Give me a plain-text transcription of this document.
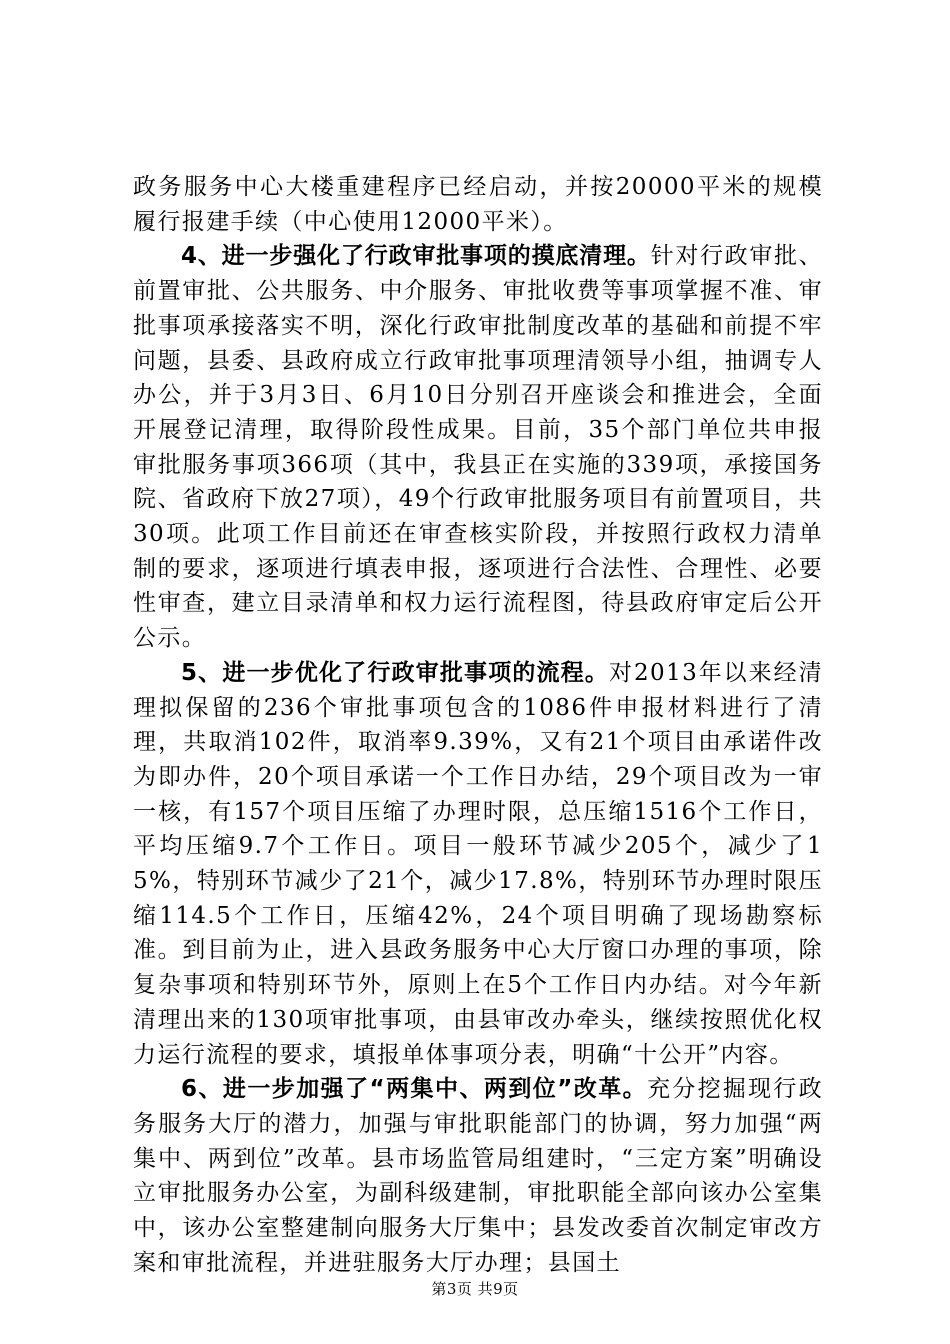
政务服务中心大楼重建程序已经启动，并按20000平米的规模履行报建手续（中心使用12000平米）。

4、进一步强化了行政审批事项的摸底清理。针对行政审批、前置审批、公共服务、中介服务、审批收费等事项掌握不准、审批事项承接落实不明，深化行政审批制度改革的基础和前提不牢问题，县委、县政府成立行政审批事项理清领导小组，抽调专人办公，并于3月3日、6月10日分别召开座谈会和推进会，全面开展登记清理，取得阶段性成果。目前，35个部门单位共申报审批服务事项366项（其中，我县正在实施的339项，承接国务院、省政府下放27项），49个行政审批服务项目有前置项目，共30项。此项工作目前还在审查核实阶段，并按照行政权力清单制的要求，逐项进行填表申报，逐项进行合法性、合理性、必要性审查，建立目录清单和权力运行流程图，待县政府审定后公开公示。

5、进一步优化了行政审批事项的流程。对2013年以来经清理拟保留的236个审批事项包含的1086件申报材料进行了清理，共取消102件，取消率9.39%，又有21个项目由承诺件改为即办件，20个项目承诺一个工作日办结，29个项目改为一审一核，有157个项目压缩了办理时限，总压缩1516个工作日，平均压缩9.7个工作日。项目一般环节减少205个，减少了15%，特别环节减少了21个，减少17.8%，特别环节办理时限压缩114.5个工作日，压缩42%，24个项目明确了现场勘察标准。到目前为止，进入县政务服务中心大厅窗口办理的事项，除复杂事项和特别环节外，原则上在5个工作日内办结。对今年新清理出来的130项审批事项，由县审改办牵头，继续按照优化权力运行流程的要求，填报单体事项分表，明确“十公开”内容。

6、进一步加强了“两集中、两到位”改革。充分挖掘现行政务服务大厅的潜力，加强与审批职能部门的协调，努力加强“两集中、两到位”改革。县市场监管局组建时，“三定方案”明确设立审批服务办公室，为副科级建制，审批职能全部向该办公室集中，该办公室整建制向服务大厅集中；县发改委首次制定审改方案和审批流程，并进驻服务大厅办理；县国土

第3页 共9页
